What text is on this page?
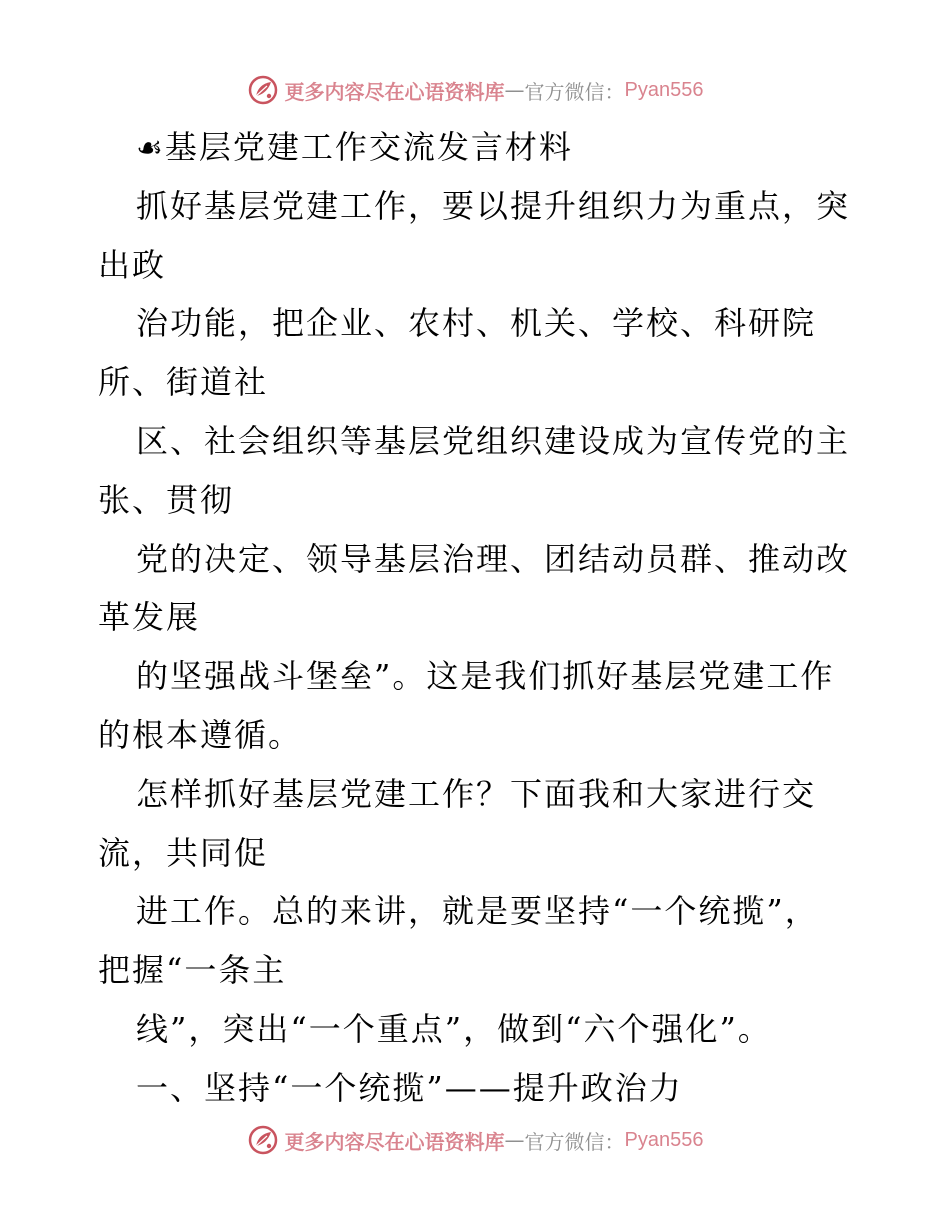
更多内容尽在心语资料库 — 官方微信： Pyan556
☙基层党建工作交流发言材料
抓好基层党建工作，要以提升组织力为重点，突
出政
治功能，把企业、农村、机关、学校、科研院
所、街道社
区、社会组织等基层党组织建设成为宣传党的主
张、贯彻
党的决定、领导基层治理、团结动员群、推动改
革发展
的坚强战斗堡垒”。这是我们抓好基层党建工作
的根本遵循。
怎样抓好基层党建工作？下面我和大家进行交
流，共同促
进工作。总的来讲，就是要坚持“一个统揽”，
把握“一条主
线”，突出“一个重点”，做到“六个强化”。
一、坚持“一个统揽”——提升政治力
更多内容尽在心语资料库 — 官方微信： Pyan556
